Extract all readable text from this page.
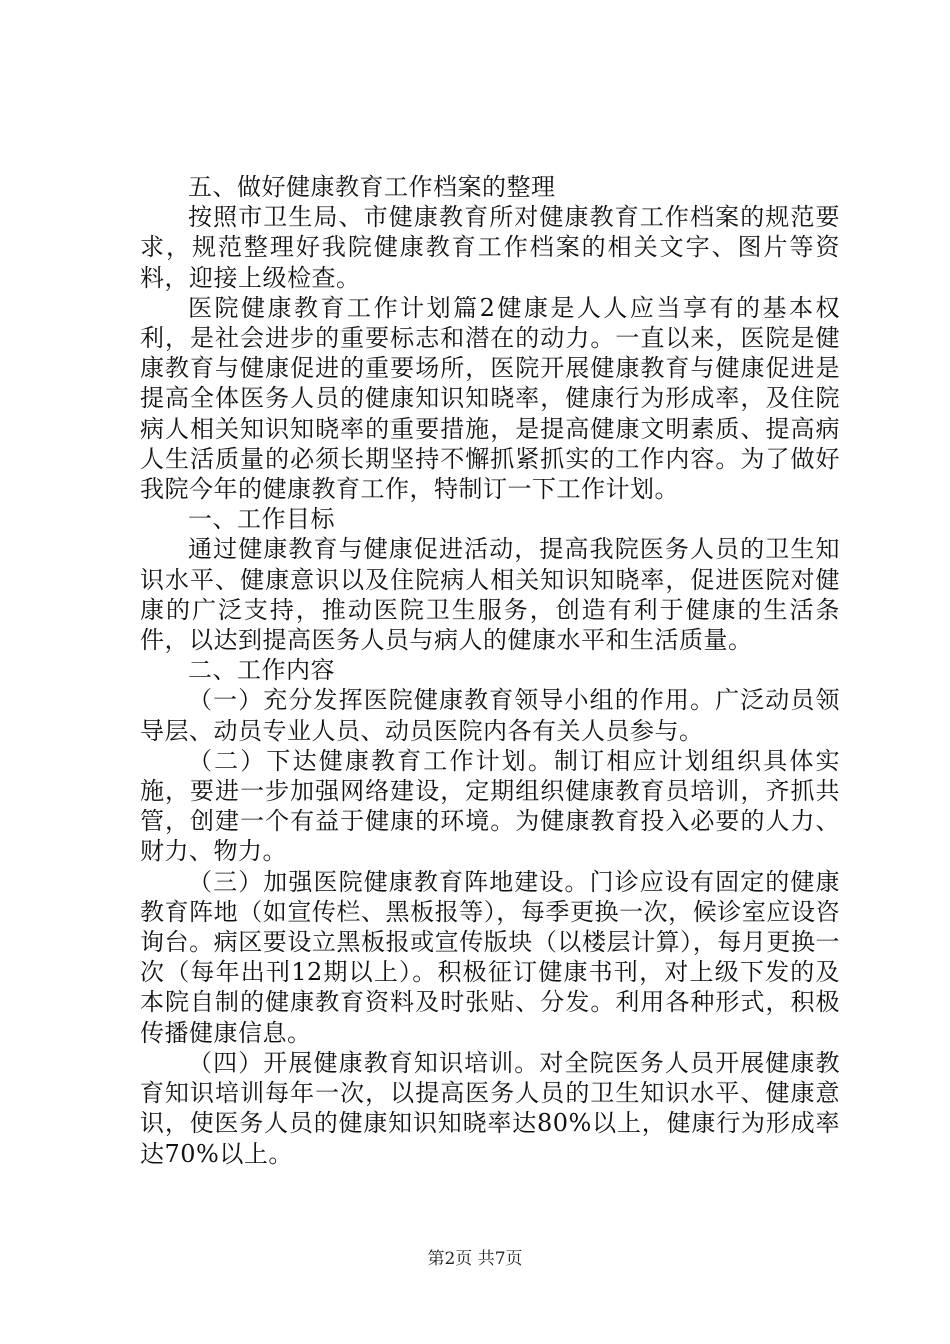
五、做好健康教育工作档案的整理

按照市卫生局、市健康教育所对健康教育工作档案的规范要求，规范整理好我院健康教育工作档案的相关文字、图片等资料，迎接上级检查。

医院健康教育工作计划篇2健康是人人应当享有的基本权利，是社会进步的重要标志和潜在的动力。一直以来，医院是健康教育与健康促进的重要场所，医院开展健康教育与健康促进是提高全体医务人员的健康知识知晓率，健康行为形成率，及住院病人相关知识知晓率的重要措施，是提高健康文明素质、提高病人生活质量的必须长期坚持不懈抓紧抓实的工作内容。为了做好我院今年的健康教育工作，特制订一下工作计划。

一、工作目标

通过健康教育与健康促进活动，提高我院医务人员的卫生知识水平、健康意识以及住院病人相关知识知晓率，促进医院对健康的广泛支持，推动医院卫生服务，创造有利于健康的生活条件，以达到提高医务人员与病人的健康水平和生活质量。

二、工作内容

（一）充分发挥医院健康教育领导小组的作用。广泛动员领导层、动员专业人员、动员医院内各有关人员参与。

（二）下达健康教育工作计划。制订相应计划组织具体实施，要进一步加强网络建设，定期组织健康教育员培训，齐抓共管，创建一个有益于健康的环境。为健康教育投入必要的人力、财力、物力。

（三）加强医院健康教育阵地建设。门诊应设有固定的健康教育阵地（如宣传栏、黑板报等），每季更换一次，候诊室应设咨询台。病区要设立黑板报或宣传版块（以楼层计算），每月更换一次（每年出刊12期以上）。积极征订健康书刊，对上级下发的及本院自制的健康教育资料及时张贴、分发。利用各种形式，积极传播健康信息。

（四）开展健康教育知识培训。对全院医务人员开展健康教育知识培训每年一次，以提高医务人员的卫生知识水平、健康意识，使医务人员的健康知识知晓率达80%以上，健康行为形成率达70%以上。

第2页 共7页
